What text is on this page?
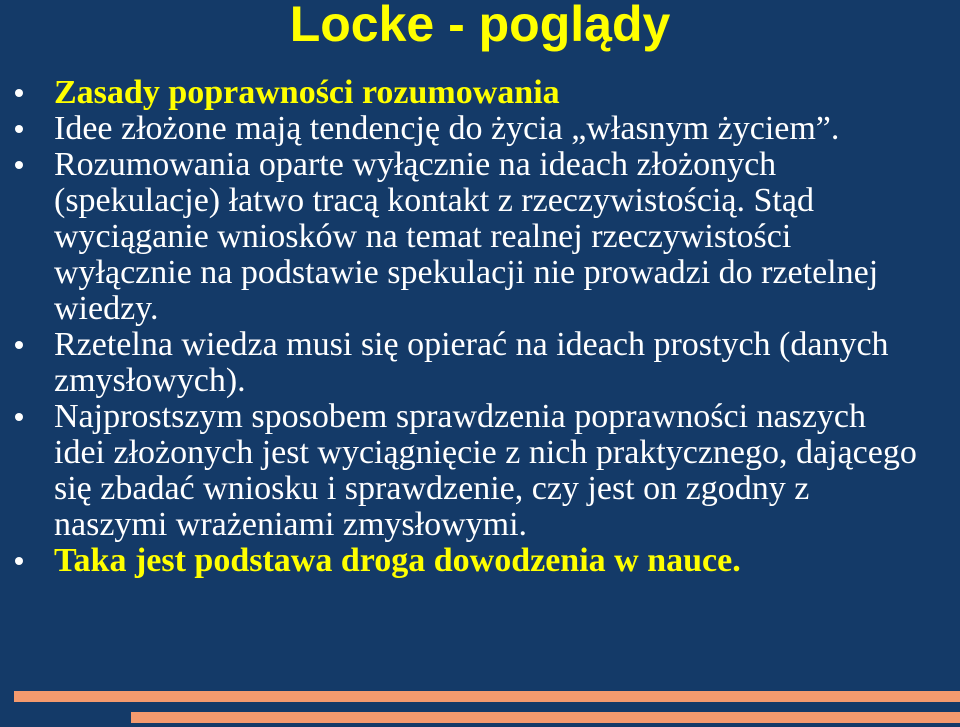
Locke - poglądy
Zasady poprawności rozumowania
Idee złożone mają tendencję do życia „własnym życiem”.
Rozumowania oparte wyłącznie na ideach złożonych (spekulacje) łatwo tracą kontakt z rzeczywistością. Stąd wyciąganie wniosków na temat realnej rzeczywistości wyłącznie na podstawie spekulacji nie prowadzi do rzetelnej wiedzy.
Rzetelna wiedza musi się opierać na ideach prostych (danych zmysłowych).
Najprostszym sposobem sprawdzenia poprawności naszych idei złożonych jest wyciągnięcie z nich praktycznego, dającego się zbadać wniosku i sprawdzenie, czy jest on zgodny z naszymi wrażeniami zmysłowymi.
Taka jest podstawa droga dowodzenia w nauce.
